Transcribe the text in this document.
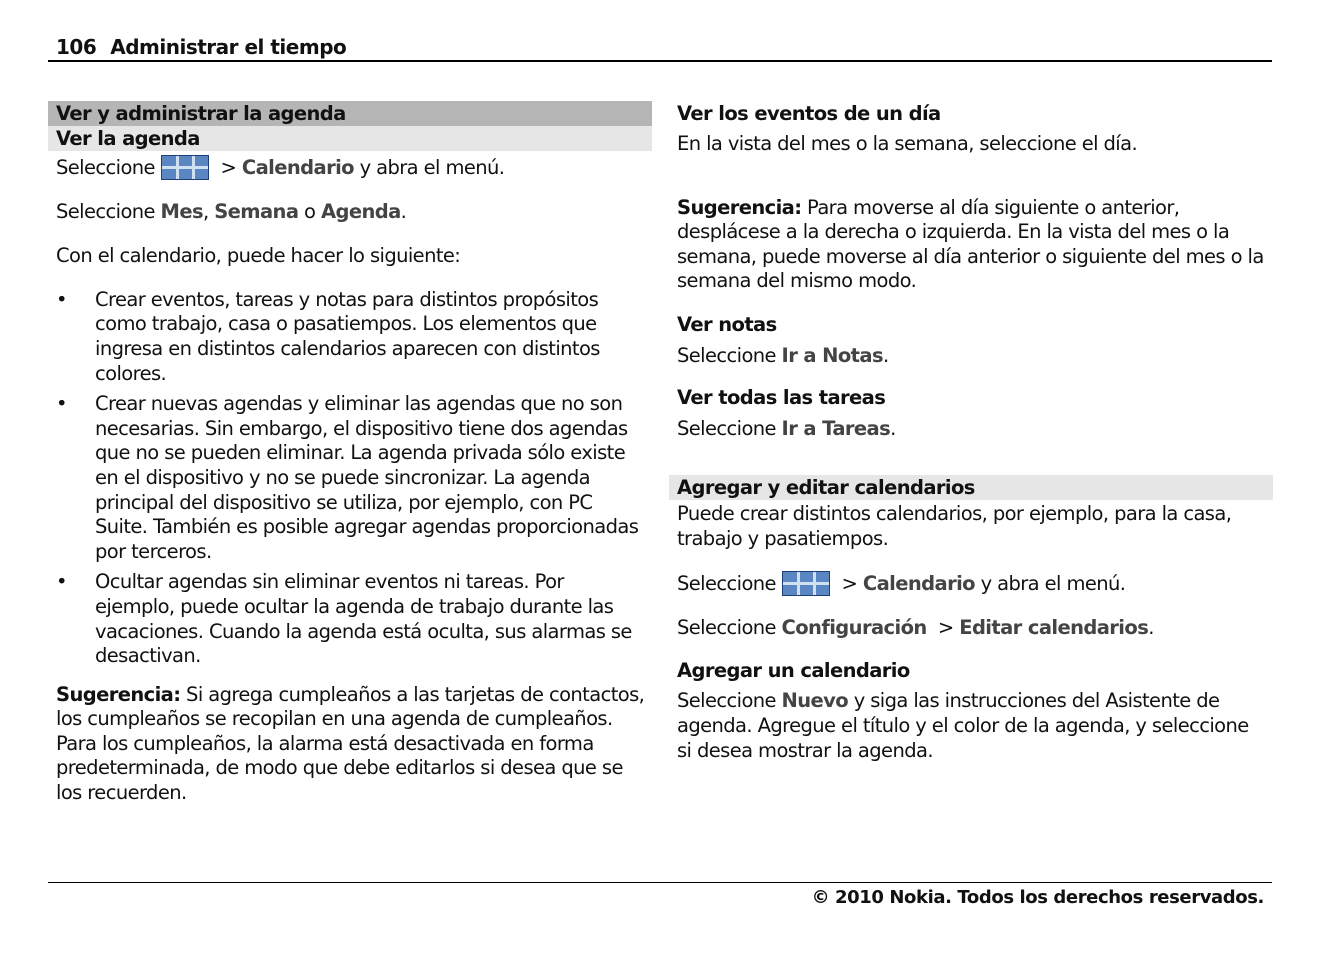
106 Administrar el tiempo
Ver y administrar la agenda
Ver la agenda

Seleccione	> Calendario y abra el menú.

Seleccione Mes, Semana o Agenda.

Con el calendario, puede hacer lo siguiente:

• Crear eventos, tareas y notas para distintos propósitos como trabajo, casa o pasatiempos. Los elementos que ingresa en distintos calendarios aparecen con distintos colores.
• Crear nuevas agendas y eliminar las agendas que no son necesarias. Sin embargo, el dispositivo tiene dos agendas que no se pueden eliminar. La agenda privada sólo existe en el dispositivo y no se puede sincronizar. La agenda principal del dispositivo se utiliza, por ejemplo, con PC Suite. También es posible agregar agendas proporcionadas por terceros.
• Ocultar agendas sin eliminar eventos ni tareas. Por ejemplo, puede ocultar la agenda de trabajo durante las vacaciones. Cuando la agenda está oculta, sus alarmas se desactivan.

Sugerencia: Si agrega cumpleaños a las tarjetas de contactos, los cumpleaños se recopilan en una agenda de cumpleaños. Para los cumpleaños, la alarma está desactivada en forma predeterminada, de modo que debe editarlos si desea que se los recuerden.

Ver los eventos de un día

En la vista del mes o la semana, seleccione el día.

Sugerencia: Para moverse al día siguiente o anterior, desplácese a la derecha o izquierda. En la vista del mes o la semana, puede moverse al día anterior o siguiente del mes o la semana del mismo modo.

Ver notas

Seleccione Ir a Notas.

Ver todas las tareas

Seleccione Ir a Tareas.

Agregar y editar calendarios

Puede crear distintos calendarios, por ejemplo, para la casa, trabajo y pasatiempos.

Seleccione	> Calendario y abra el menú.

Seleccione Configuración > Editar calendarios.

Agregar un calendario

Seleccione Nuevo y siga las instrucciones del Asistente de agenda. Agregue el título y el color de la agenda, y seleccione si desea mostrar la agenda.

© 2010 Nokia. Todos los derechos reservados.
